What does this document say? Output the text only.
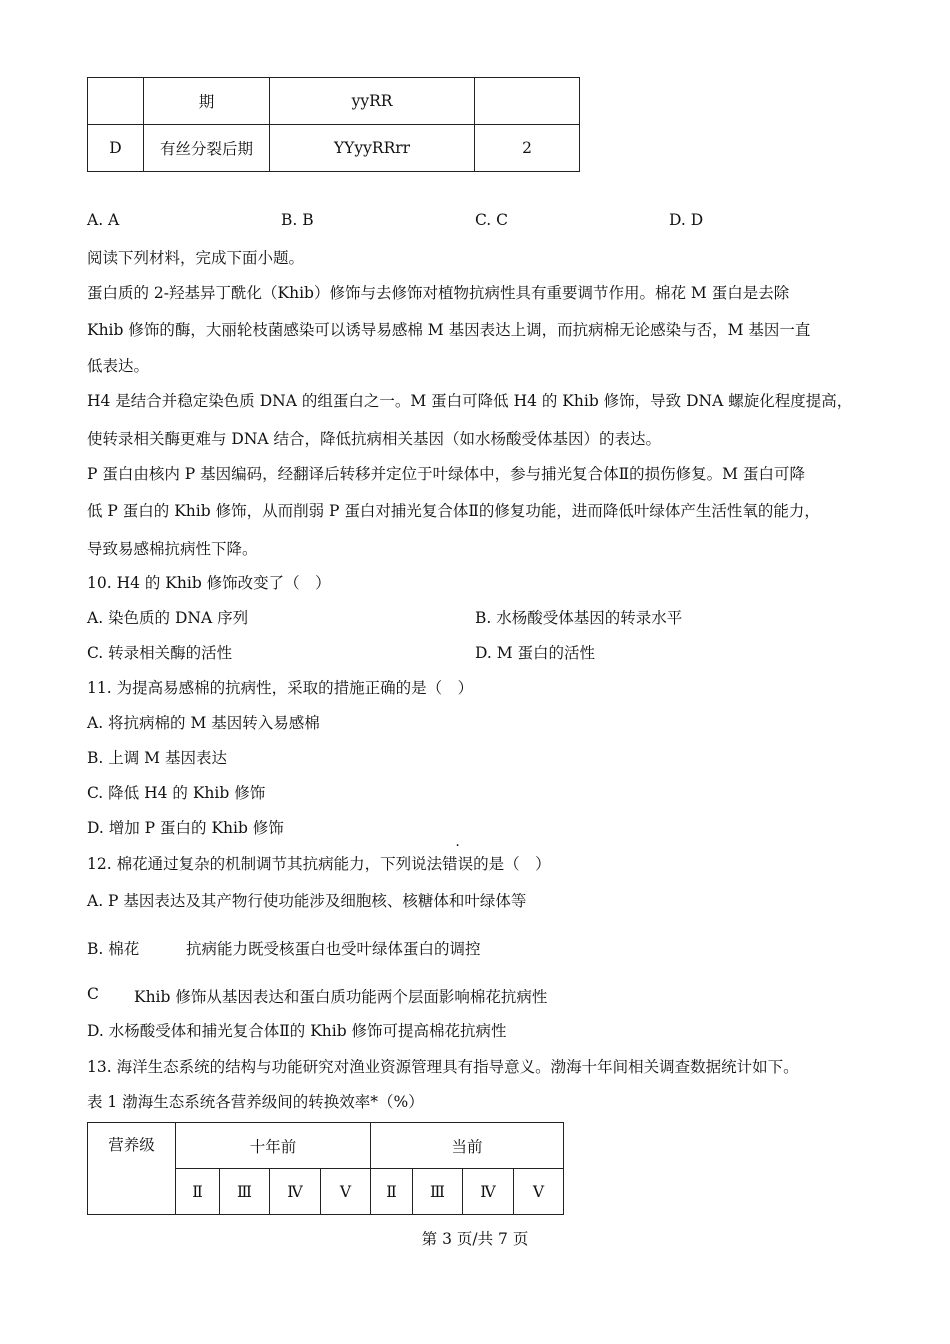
	期	yyRR	
D	有丝分裂后期	YYyyRRrr	2
A. A	B. B	C. C	D. D
阅读下列材料，完成下面小题。
蛋白质的 2-羟基异丁酰化（Khib）修饰与去修饰对植物抗病性具有重要调节作用。棉花 M 蛋白是去除
Khib 修饰的酶，大丽轮枝菌感染可以诱导易感棉 M 基因表达上调，而抗病棉无论感染与否，M 基因一直
低表达。
H4 是结合并稳定染色质 DNA 的组蛋白之一。M 蛋白可降低 H4 的 Khib 修饰，导致 DNA 螺旋化程度提高，
使转录相关酶更难与 DNA 结合，降低抗病相关基因（如水杨酸受体基因）的表达。
P 蛋白由核内 P 基因编码，经翻译后转移并定位于叶绿体中，参与捕光复合体Ⅱ的损伤修复。M 蛋白可降
低 P 蛋白的 Khib 修饰，从而削弱 P 蛋白对捕光复合体Ⅱ的修复功能，进而降低叶绿体产生活性氧的能力，
导致易感棉抗病性下降。
10. H4 的 Khib 修饰改变了（　）
A. 染色质的 DNA 序列	B. 水杨酸受体基因的转录水平
C. 转录相关酶的活性	D. M 蛋白的活性
11. 为提高易感棉的抗病性，采取的措施正确的是（　）
A. 将抗病棉的 M 基因转入易感棉
B. 上调 M 基因表达
C. 降低 H4 的 Khib 修饰
D. 增加 P 蛋白的 Khib 修饰
12. 棉花通过复杂的机制调节其抗病能力，下列说法错误的是（　）
A. P 基因表达及其产物行使功能涉及细胞核、核糖体和叶绿体等
B. 棉花	抗病能力既受核蛋白也受叶绿体蛋白的调控
C Khib 修饰从基因表达和蛋白质功能两个层面影响棉花抗病性
D. 水杨酸受体和捕光复合体Ⅱ的 Khib 修饰可提高棉花抗病性
13. 海洋生态系统的结构与功能研究对渔业资源管理具有指导意义。渤海十年间相关调查数据统计如下。
表 1 渤海生态系统各营养级间的转换效率*（%）
营养级	十年前				当前			
	Ⅱ	Ⅲ	Ⅳ	Ⅴ	Ⅱ	Ⅲ	Ⅳ	Ⅴ
第 3 页/共 7 页
